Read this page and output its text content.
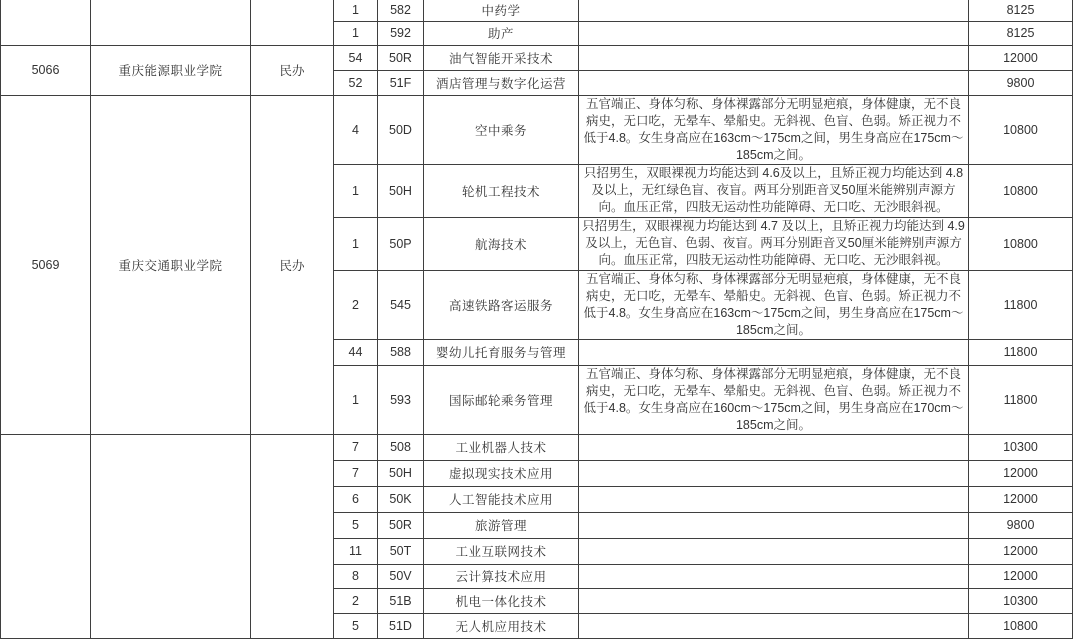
			1	582	中药学		8125
			1	592	助产		8125
5066	重庆能源职业学院	民办	54	50R	油气智能开采技术		12000
			52	51F	酒店管理与数字化运营		9800
5069	重庆交通职业学院	民办	4	50D	空中乘务	五官端正、身体匀称、身体裸露部分无明显疤痕，身体健康，无不良病史，无口吃，无晕车、晕船史。无斜视、色盲、色弱。矫正视力不低于4.8。女生身高应在163cm～175cm之间，男生身高应在175cm～185cm之间。	10800
			1	50H	轮机工程技术	只招男生，双眼裸视力均能达到 4.6及以上，且矫正视力均能达到 4.8 及以上，无红绿色盲、夜盲。两耳分别距音叉50厘米能辨别声源方向。血压正常，四肢无运动性功能障碍、无口吃、无沙眼斜视。	10800
			1	50P	航海技术	只招男生，双眼裸视力均能达到 4.7 及以上，且矫正视力均能达到 4.9及以上，无色盲、色弱、夜盲。两耳分别距音叉50厘米能辨别声源方向。血压正常，四肢无运动性功能障碍、无口吃、无沙眼斜视。	10800
			2	545	高速铁路客运服务	五官端正、身体匀称、身体裸露部分无明显疤痕，身体健康，无不良病史，无口吃，无晕车、晕船史。无斜视、色盲、色弱。矫正视力不低于4.8。女生身高应在163cm～175cm之间，男生身高应在175cm～185cm之间。	11800
			44	588	婴幼儿托育服务与管理		11800
			1	593	国际邮轮乘务管理	五官端正、身体匀称、身体裸露部分无明显疤痕，身体健康，无不良病史，无口吃，无晕车、晕船史。无斜视、色盲、色弱。矫正视力不低于4.8。女生身高应在160cm～175cm之间，男生身高应在170cm～185cm之间。	11800
			7	508	工业机器人技术		10300
			7	50H	虚拟现实技术应用		12000
			6	50K	人工智能技术应用		12000
			5	50R	旅游管理		9800
			11	50T	工业互联网技术		12000
			8	50V	云计算技术应用		12000
			2	51B	机电一体化技术		10300
			5	51D	无人机应用技术		10800
